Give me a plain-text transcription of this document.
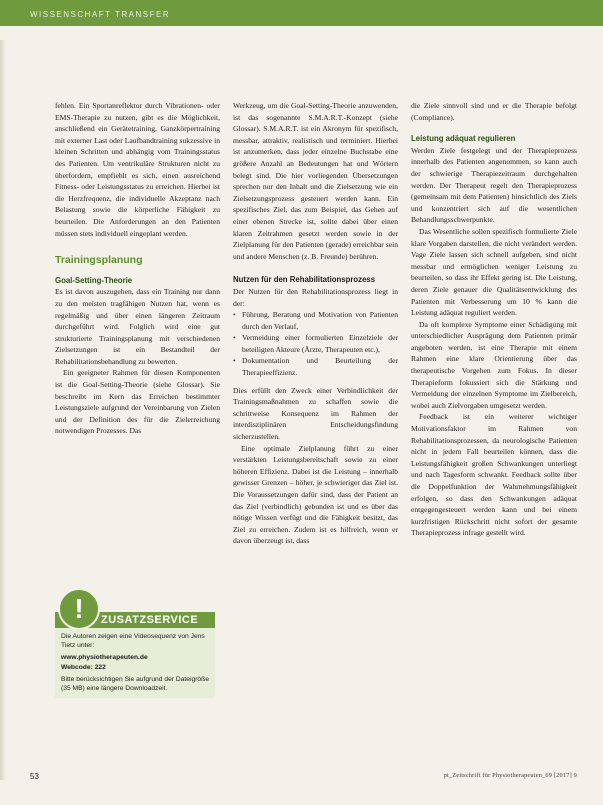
WISSENSCHAFT TRANSFER

fehlen. Ein Sportanreflektor durch Vibrationen- oder EMS-Therapie zu nutzen, gibt es die Möglichkeit, anschließend ein Gerätetraining, Ganzkörpertraining mit externer Last oder Laufbandtraining sukzessive in kleinen Schritten und abhängig vom Trainingsstatus des Patienten. Um ventrikuläre Strukturen nicht zu überfordern, empfiehlt es sich, einen ausreichend Fitness- oder Leistungsstatus zu erreichen. Hierbei ist die Herzfrequenz, die individuelle Akzeptanz nach Belastung sowie die körperliche Fähigkeit zu beurteilen. Die Anforderungen an den Patienten müssen stets individuell eingeplant werden.

Trainingsplanung

Goal-Setting-Theorie

Es ist davon auszugehen, dass ein Training nur dann zu den meisten tragfähigen Nutzen hat, wenn es regelmäßig und über einen längeren Zeitraum durchgeführt wird. Folglich wird eine gut strukturierte Trainingsplanung mit verschiedenen Zielsetzungen ist ein Bestandteil der Rehabilitationsbehandlung zu bewerten.

Ein geeigneter Rahmen für diesen Komponenten ist die Goal-Setting-Theorie (siehe Glossar). Sie beschreibt im Kern das Erreichen bestimmter Leistungsziele aufgrund der Vereinbarung von Zielen und der Definition des für die Zielerreichung notwendigen Prozesses. Das

ZUSATZSERVICE

Die Autoren zeigen eine Videosequenz von Jens Tietz unter:

www.physiotherapeuten.de

Webcode: 222

Bitte berücksichtigen Sie aufgrund der Dateigröße (35 MB) eine längere Downloadzeit.

!

Werkzeug, um die Goal-Setting-Theorie anzuwenden, ist das sogenannte S.M.A.R.T.-Konzept (siehe Glossar). S.M.A.R.T. ist ein Akronym für spezifisch, messbar, attraktiv, realistisch und terminiert. Hierbei ist anzumerken, dass jeder einzelne Buchstabe eine größere Anzahl an Bedeutungen hat und Wörtern belegt sind. Die hier vorliegenden Übersetzungen sprechen nur den Inhalt und die Zielsetzung wie ein Zielsetzungsprozess gesteuert werden kann. Ein spezifisches Ziel, das zum Beispiel, das Gehen auf einer ebenen Strecke ist, sollte dabei über einen klaren Zeitrahmen gesetzt werden sowie in der Zielplanung für den Patienten (gerade) erreichbar sein und andere Menschen (z. B. Freunde) berühren.

Nutzen für den Rehabilitationsprozess

Der Nutzen für den Rehabilitationsprozess liegt in der:

• Führung, Beratung und Motivation von Patienten durch den Verlauf,
• Vermeidung einer formulierten Einzelziele der beteiligten Akteure (Ärzte, Therapeuten etc.),
• Dokumentation und Beurteilung der Therapieeffizienz.

Dies erfüllt den Zweck einer Verbindlichkeit der Trainingsmaßnahmen zu schaffen sowie die schrittweise Konsequenz im Rahmen der interdisziplinären Entscheidungsfindung sicherzustellen.

Eine optimale Zielplanung führt zu einer verstärkten Leistungsbereitschaft sowie zu einer höheren Effizienz. Dabei ist die Leistung – innerhalb gewisser Grenzen – höher, je schwieriger das Ziel ist. Die Voraussetzungen dafür sind, dass der Patient an das Ziel (verbindlich) gebunden ist und es über das nötige Wissen verfügt und die Fähigkeit besitzt, das Ziel zu erreichen. Zudem ist es hilfreich, wenn er davon überzeugt ist, dass

die Ziele sinnvoll sind und er die Therapie befolgt (Compliance).

Leistung adäquat regulieren

Werden Ziele festgelegt und der Therapieprozess innerhalb des Patienten angenommen, so kann auch der schwierige Therapiezeitraum durchgehalten werden. Der Therapeut regelt den Therapieprozess (gemeinsam mit dem Patienten) hinsichtlich des Ziels und konzentriert sich auf die wesentlichen Behandlungsschwerpunkte.

Das Wesentliche sollen spezifisch formulierte Ziele klare Vorgaben darstellen, die nicht verändert werden. Vage Ziele lassen sich schnell aufgeben, sind nicht messbar und ermöglichen weniger Leistung zu beurteilen, so dass ihr Effekt gering ist. Die Leistung, deren Ziele genauer die Qualitätsentwicklung des Patienten mit Verbesserung um 10 % kann die Leistung adäquat reguliert werden.

Da oft komplexe Symptome einer Schädigung mit unterschiedlicher Ausprägung dem Patienten primär angeboten werden, ist eine Therapie mit einem Rahmen eine klare Orientierung über das therapeutische Vorgehen zum Fokus. In dieser Therapieform fokussiert sich die Stärkung und Vermeidung der einzelnen Symptome im Zielbereich, wobei auch Zielvorgaben umgesetzt werden.

Feedback ist ein weiterer wichtiger Motivationsfaktor im Rahmen von Rehabilitationsprozessen, da neurologische Patienten nicht in jedem Fall beurteilen können, dass die Leistungsfähigkeit großen Schwankungen unterliegt und nach Tagesform schwankt. Feedback sollte über die Doppelfunktion der Wahrnehmungsfähigkeit erfolgen, so dass den Schwankungen adäquat entgegengesteuert werden kann und bei einem kurzfristigen Rückschritt nicht sofort der gesamte Therapieprozess infrage gestellt wird.

53	pt_Zeitschrift für Physiotherapeuten_69 [2017] 9
